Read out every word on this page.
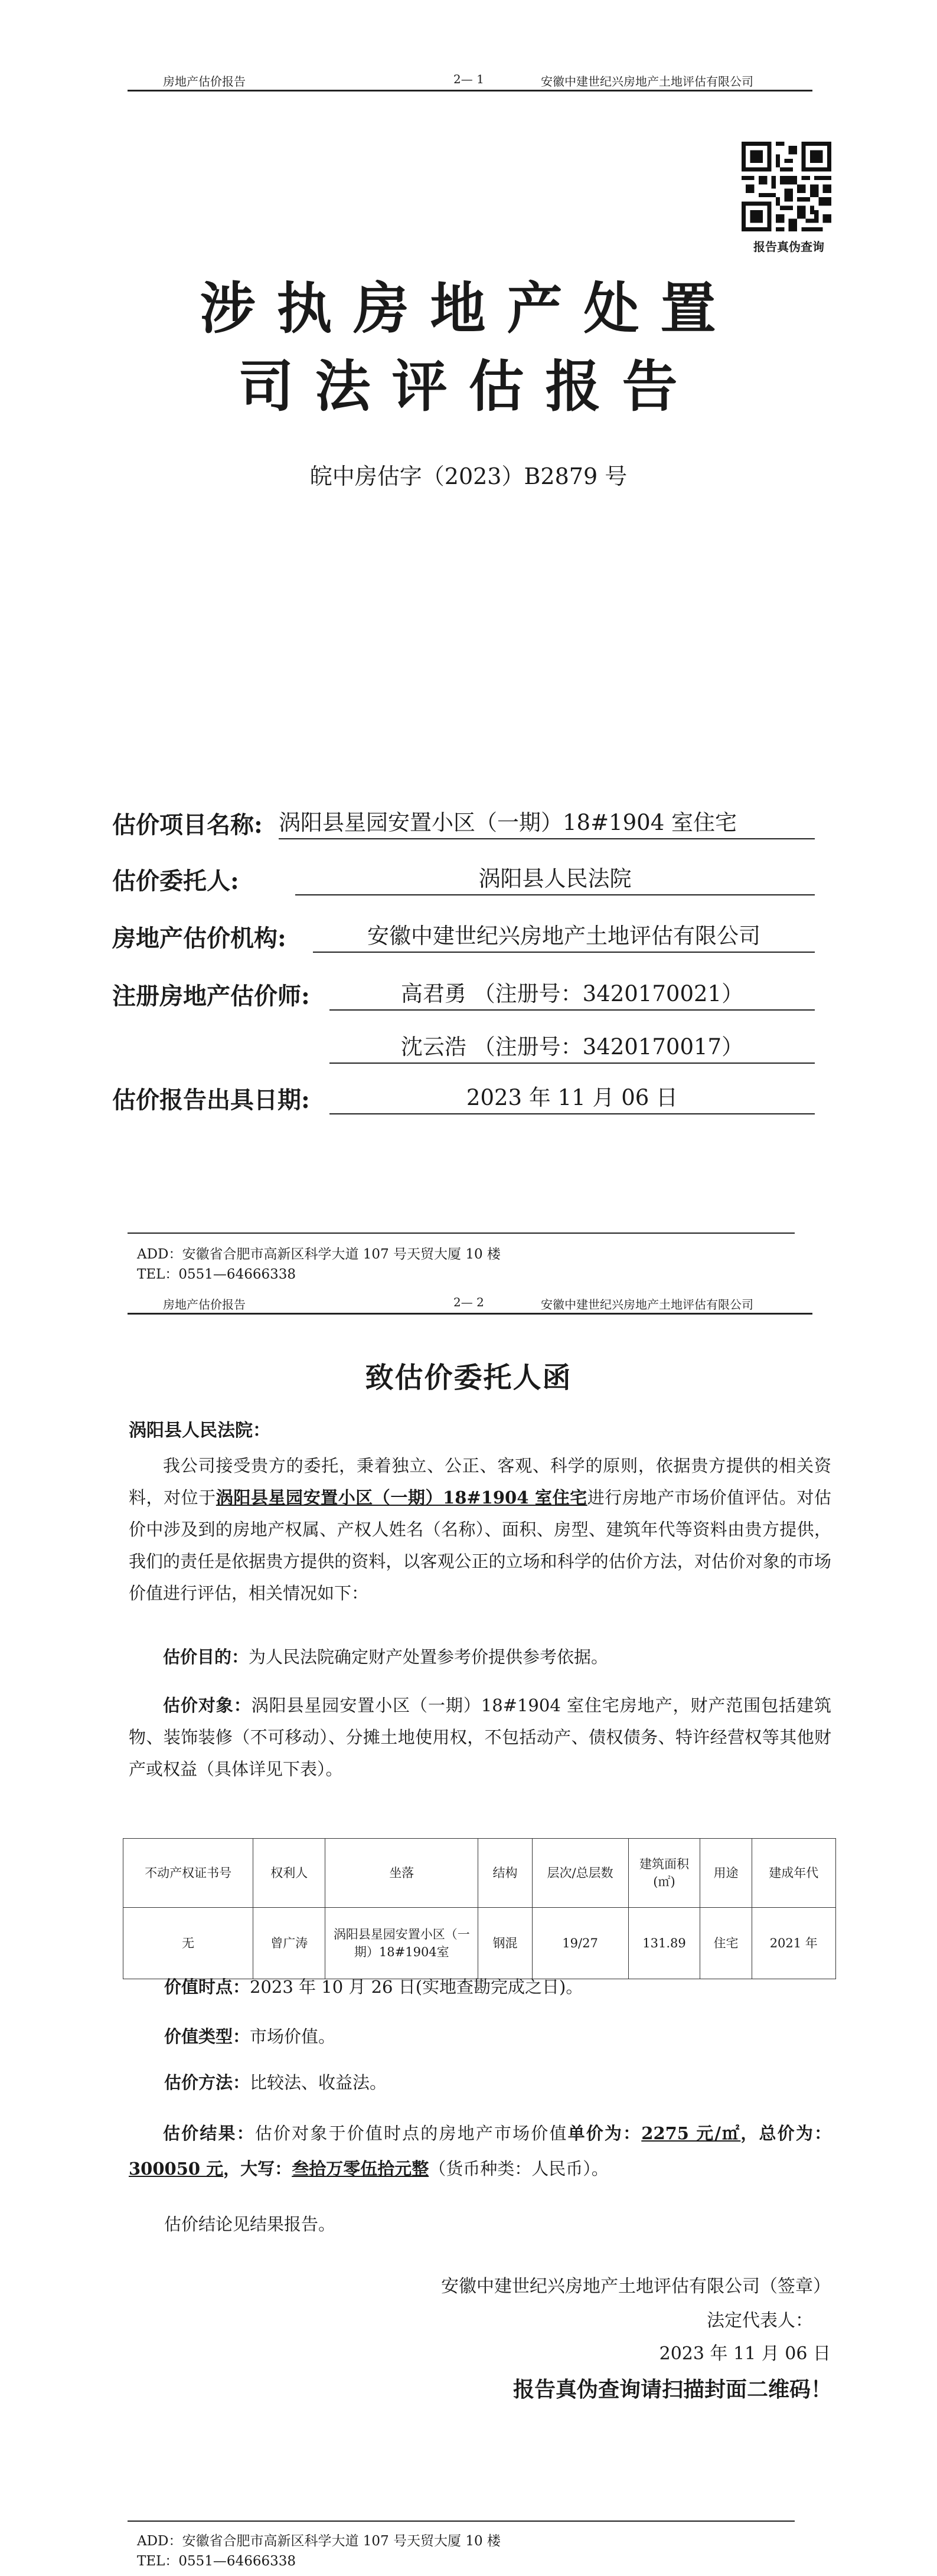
房地产估价报告	2— 1	安徽中建世纪兴房地产土地评估有限公司
报告真伪查询
涉执房地产处置
司法评估报告
皖中房估字（2023）B2879 号
估价项目名称: 涡阳县星园安置小区（一期）18#1904 室住宅
估价委托人:	涡阳县人民法院
房地产估价机构:	安徽中建世纪兴房地产土地评估有限公司
注册房地产估价师:	高君勇 （注册号：3420170021）
沈云浩 （注册号：3420170017）
估价报告出具日期:	2023 年 11 月 06 日
ADD：安徽省合肥市高新区科学大道 107 号天贸大厦 10 楼
TEL：0551—64666338
房地产估价报告	2— 2	安徽中建世纪兴房地产土地评估有限公司
致估价委托人函
涡阳县人民法院：
我公司接受贵方的委托，秉着独立、公正、客观、科学的原则，依据贵方提供的相关资料，对位于涡阳县星园安置小区（一期）18#1904 室住宅进行房地产市场价值评估。对估价中涉及到的房地产权属、产权人姓名（名称）、面积、房型、建筑年代等资料由贵方提供，我们的责任是依据贵方提供的资料，以客观公正的立场和科学的估价方法，对估价对象的市场价值进行评估，相关情况如下：
估价目的：为人民法院确定财产处置参考价提供参考依据。
估价对象：涡阳县星园安置小区（一期）18#1904 室住宅房地产，财产范围包括建筑物、装饰装修（不可移动）、分摊土地使用权，不包括动产、债权债务、特许经营权等其他财产或权益（具体详见下表）。
不动产权证书号	权利人	坐落	结构	层次/总层数	建筑面积(㎡)	用途	建成年代
无	曾广涛	涡阳县星园安置小区（一期）18#1904室	钢混	19/27	131.89	住宅	2021 年
价值时点：2023 年 10 月 26 日(实地查勘完成之日)。
价值类型：市场价值。
估价方法：比较法、收益法。
估价结果：估价对象于价值时点的房地产市场价值单价为：2275 元/㎡，总价为：300050 元，大写：叁拾万零伍拾元整（货币种类：人民币）。
估价结论见结果报告。
安徽中建世纪兴房地产土地评估有限公司（签章）
法定代表人：
2023 年 11 月 06 日
报告真伪查询请扫描封面二维码！
ADD：安徽省合肥市高新区科学大道 107 号天贸大厦 10 楼
TEL：0551—64666338
